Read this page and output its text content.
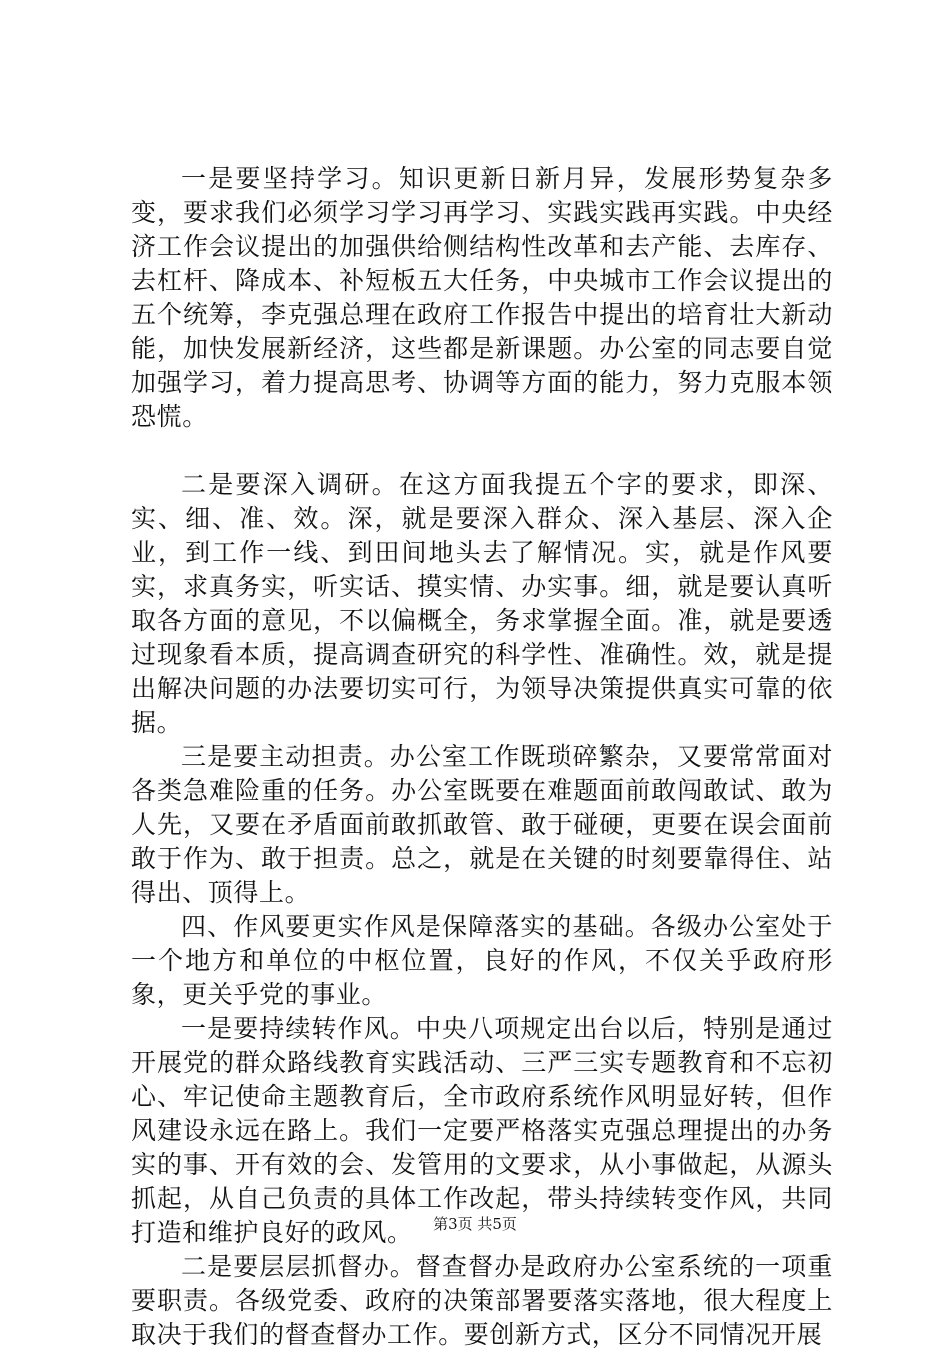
一是要坚持学习。知识更新日新月异，发展形势复杂多变，要求我们必须学习学习再学习、实践实践再实践。中央经济工作会议提出的加强供给侧结构性改革和去产能、去库存、去杠杆、降成本、补短板五大任务，中央城市工作会议提出的五个统筹，李克强总理在政府工作报告中提出的培育壮大新动能，加快发展新经济，这些都是新课题。办公室的同志要自觉加强学习，着力提高思考、协调等方面的能力，努力克服本领恐慌。

二是要深入调研。在这方面我提五个字的要求，即深、实、细、准、效。深，就是要深入群众、深入基层、深入企业，到工作一线、到田间地头去了解情况。实，就是作风要实，求真务实，听实话、摸实情、办实事。细，就是要认真听取各方面的意见，不以偏概全，务求掌握全面。准，就是要透过现象看本质，提高调查研究的科学性、准确性。效，就是提出解决问题的办法要切实可行，为领导决策提供真实可靠的依据。

三是要主动担责。办公室工作既琐碎繁杂，又要常常面对各类急难险重的任务。办公室既要在难题面前敢闯敢试、敢为人先，又要在矛盾面前敢抓敢管、敢于碰硬，更要在误会面前敢于作为、敢于担责。总之，就是在关键的时刻要靠得住、站得出、顶得上。

四、作风要更实作风是保障落实的基础。各级办公室处于一个地方和单位的中枢位置，良好的作风，不仅关乎政府形象，更关乎党的事业。

一是要持续转作风。中央八项规定出台以后，特别是通过开展党的群众路线教育实践活动、三严三实专题教育和不忘初心、牢记使命主题教育后，全市政府系统作风明显好转，但作风建设永远在路上。我们一定要严格落实克强总理提出的办务实的事、开有效的会、发管用的文要求，从小事做起，从源头抓起，从自己负责的具体工作改起，带头持续转变作风，共同打造和维护良好的政风。

二是要层层抓督办。督查督办是政府办公室系统的一项重要职责。各级党委、政府的决策部署要落实落地，很大程度上取决于我们的督查督办工作。要创新方式，区分不同情况开展

第3页 共5页
